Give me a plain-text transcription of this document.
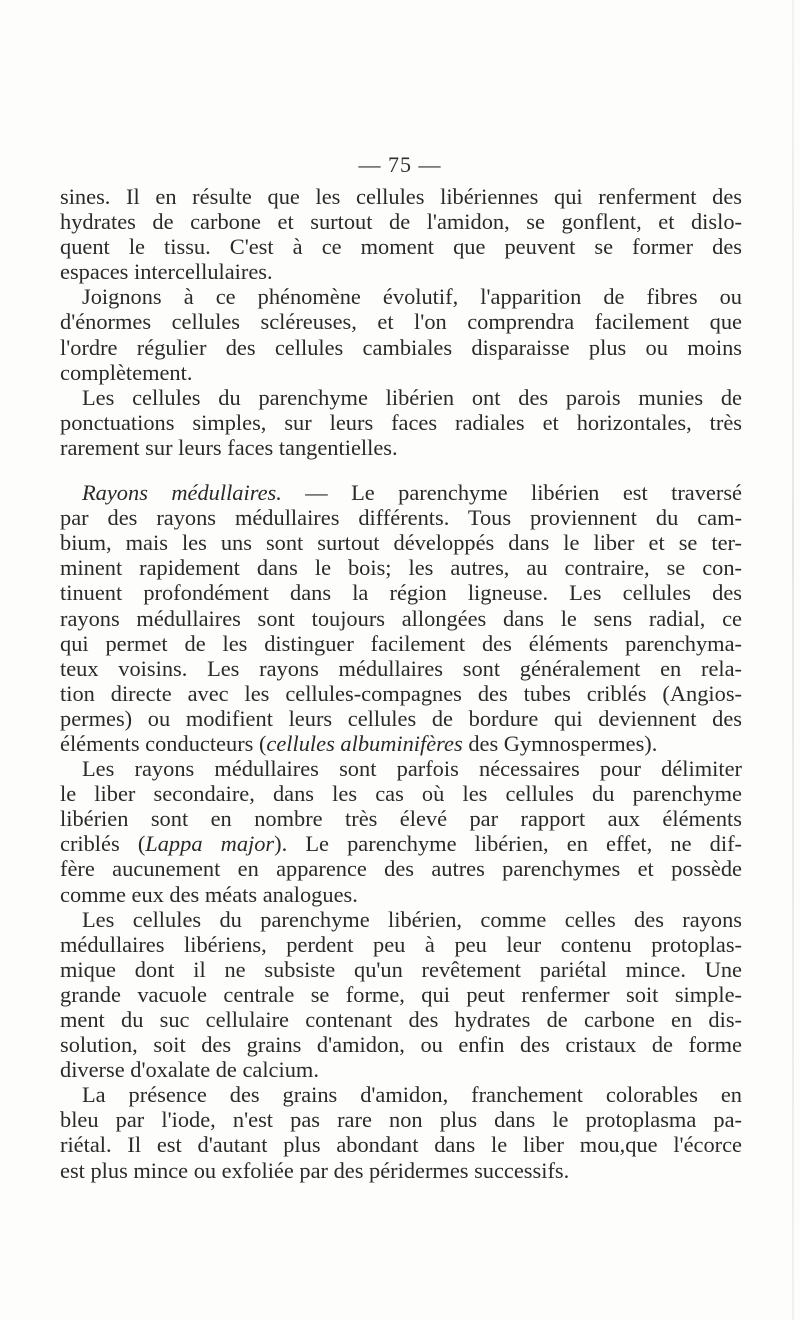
— 75 —
sines. Il en résulte que les cellules libériennes qui renferment des
hydrates de carbone et surtout de l'amidon, se gonflent, et dislo-
quent le tissu. C'est à ce moment que peuvent se former des
espaces intercellulaires.
Joignons à ce phénomène évolutif, l'apparition de fibres ou
d'énormes cellules scléreuses, et l'on comprendra facilement que
l'ordre régulier des cellules cambiales disparaisse plus ou moins
complètement.
Les cellules du parenchyme libérien ont des parois munies de
ponctuations simples, sur leurs faces radiales et horizontales, très
rarement sur leurs faces tangentielles.
Rayons médullaires. — Le parenchyme libérien est traversé
par des rayons médullaires différents. Tous proviennent du cam-
bium, mais les uns sont surtout développés dans le liber et se ter-
minent rapidement dans le bois; les autres, au contraire, se con-
tinuent profondément dans la région ligneuse. Les cellules des
rayons médullaires sont toujours allongées dans le sens radial, ce
qui permet de les distinguer facilement des éléments parenchyma-
teux voisins. Les rayons médullaires sont généralement en rela-
tion directe avec les cellules-compagnes des tubes criblés (Angios-
permes) ou modifient leurs cellules de bordure qui deviennent des
éléments conducteurs (cellules albuminifères des Gymnospermes).
Les rayons médullaires sont parfois nécessaires pour délimiter
le liber secondaire, dans les cas où les cellules du parenchyme
libérien sont en nombre très élevé par rapport aux éléments
criblés (Lappa major). Le parenchyme libérien, en effet, ne dif-
fère aucunement en apparence des autres parenchymes et possède
comme eux des méats analogues.
Les cellules du parenchyme libérien, comme celles des rayons
médullaires libériens, perdent peu à peu leur contenu protoplas-
mique dont il ne subsiste qu'un revêtement pariétal mince. Une
grande vacuole centrale se forme, qui peut renfermer soit simple-
ment du suc cellulaire contenant des hydrates de carbone en dis-
solution, soit des grains d'amidon, ou enfin des cristaux de forme
diverse d'oxalate de calcium.
La présence des grains d'amidon, franchement colorables en
bleu par l'iode, n'est pas rare non plus dans le protoplasma pa-
riétal. Il est d'autant plus abondant dans le liber mou,que l'écorce
est plus mince ou exfoliée par des péridermes successifs.
